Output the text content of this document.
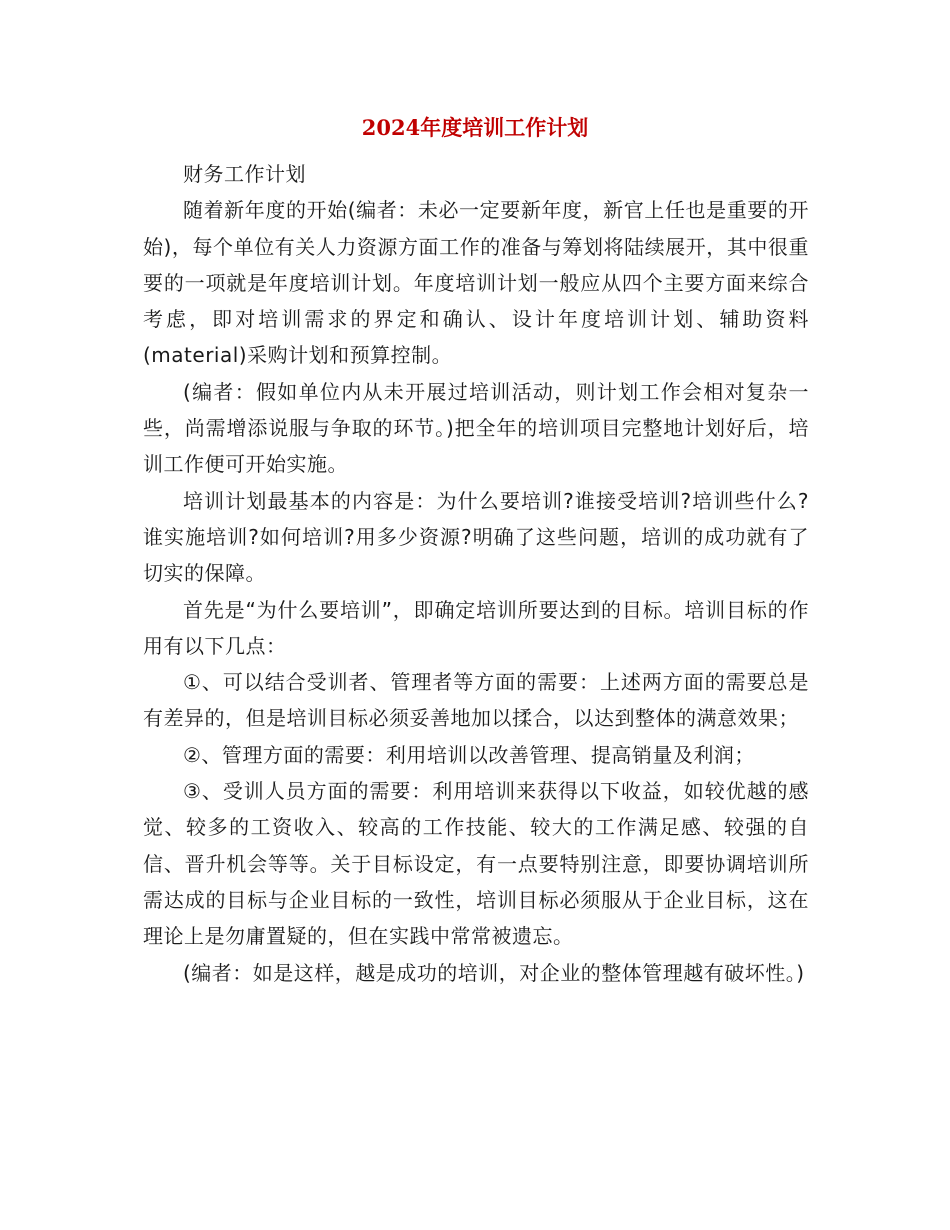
2024年度培训工作计划

财务工作计划

随着新年度的开始(编者：未必一定要新年度，新官上任也是重要的开始)，每个单位有关人力资源方面工作的准备与筹划将陆续展开，其中很重要的一项就是年度培训计划。年度培训计划一般应从四个主要方面来综合考虑，即对培训需求的界定和确认、设计年度培训计划、辅助资料(material)采购计划和预算控制。

(编者：假如单位内从未开展过培训活动，则计划工作会相对复杂一些，尚需增添说服与争取的环节。)把全年的培训项目完整地计划好后，培训工作便可开始实施。

培训计划最基本的内容是：为什么要培训?谁接受培训?培训些什么?谁实施培训?如何培训?用多少资源?明确了这些问题，培训的成功就有了切实的保障。

首先是“为什么要培训”，即确定培训所要达到的目标。培训目标的作用有以下几点：

①、可以结合受训者、管理者等方面的需要：上述两方面的需要总是有差异的，但是培训目标必须妥善地加以揉合，以达到整体的满意效果；

②、管理方面的需要：利用培训以改善管理、提高销量及利润；

③、受训人员方面的需要：利用培训来获得以下收益，如较优越的感觉、较多的工资收入、较高的工作技能、较大的工作满足感、较强的自信、晋升机会等等。关于目标设定，有一点要特别注意，即要协调培训所需达成的目标与企业目标的一致性，培训目标必须服从于企业目标，这在理论上是勿庸置疑的，但在实践中常常被遗忘。

(编者：如是这样，越是成功的培训，对企业的整体管理越有破坏性。)
